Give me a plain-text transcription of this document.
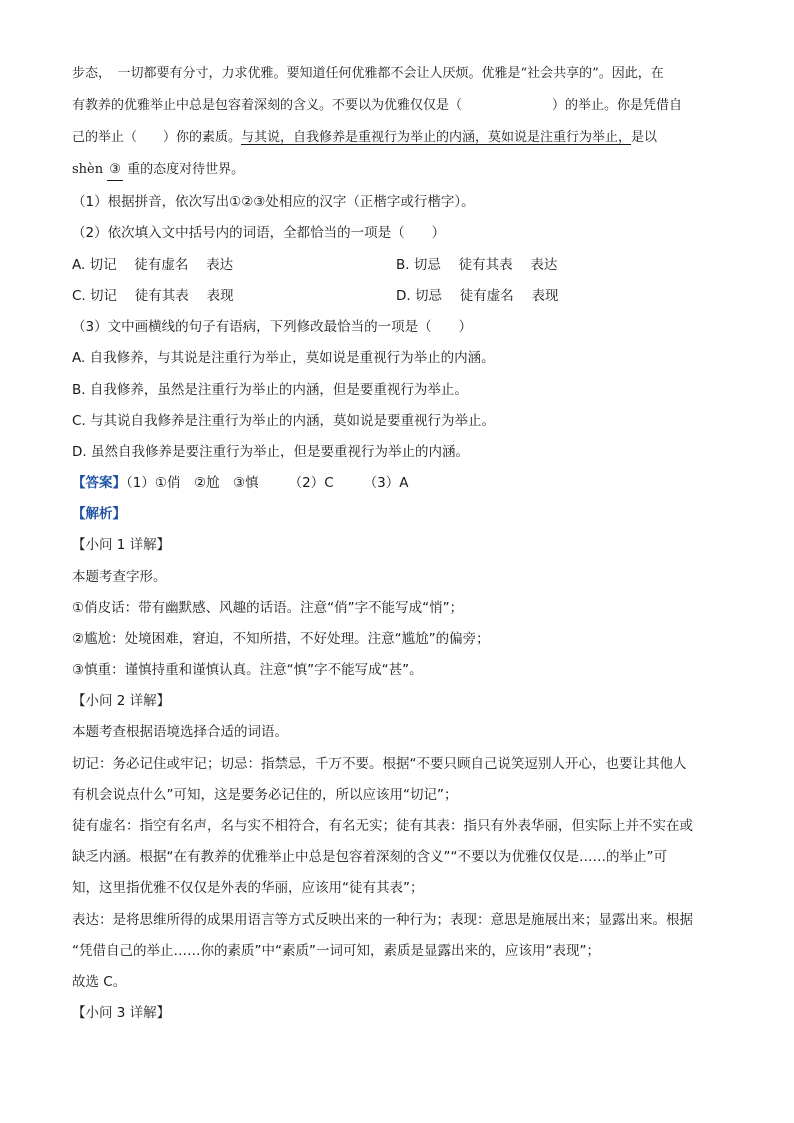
步态，　一切都要有分寸，力求优雅。要知道任何优雅都不会让人厌烦。优雅是“社会共享的”。因此，在
有教养的优雅举止中总是包容着深刻的含义。不要以为优雅仅仅是（	）的举止。你是凭借自
己的举止（ ）你的素质。与其说，自我修养是重视行为举止的内涵，莫如说是注重行为举止，是以
shèn ③ 重的态度对待世界。
（1）根据拼音，依次写出①②③处相应的汉字（正楷字或行楷字）。
（2）依次填入文中括号内的词语，全都恰当的一项是（　　）
A. 切记　 徒有虚名　 表达	B. 切忌　 徒有其表　 表达
C. 切记　 徒有其表　 表现	D. 切忌　 徒有虚名　 表现
（3）文中画横线的句子有语病，下列修改最恰当的一项是（　　）
A. 自我修养，与其说是注重行为举止，莫如说是重视行为举止的内涵。
B. 自我修养，虽然是注重行为举止的内涵，但是要重视行为举止。
C. 与其说自我修养是注重行为举止的内涵，莫如说是要重视行为举止。
D. 虽然自我修养是要注重行为举止，但是要重视行为举止的内涵。
【答案】（1）①俏　②尬　③慎 （2）C （3）A
【解析】
【小问 1 详解】
本题考查字形。
①俏皮话：带有幽默感、风趣的话语。注意“俏”字不能写成“悄”；
②尴尬：处境困难，窘迫，不知所措，不好处理。注意“尴尬”的偏旁；
③慎重：谨慎持重和谨慎认真。注意“慎”字不能写成“甚”。
【小问 2 详解】
本题考查根据语境选择合适的词语。
切记：务必记住或牢记；切忌：指禁忌，千万不要。根据“不要只顾自己说笑逗别人开心，也要让其他人
有机会说点什么”可知，这是要务必记住的，所以应该用“切记”；
徒有虚名：指空有名声，名与实不相符合，有名无实；徒有其表：指只有外表华丽，但实际上并不实在或
缺乏内涵。根据“在有教养的优雅举止中总是包容着深刻的含义”“不要以为优雅仅仅是……的举止”可
知，这里指优雅不仅仅是外表的华丽，应该用“徒有其表”；
表达：是将思维所得的成果用语言等方式反映出来的一种行为；表现：意思是施展出来；显露出来。根据
“凭借自己的举止……你的素质”中“素质”一词可知，素质是显露出来的，应该用“表现”；
故选 C。
【小问 3 详解】
